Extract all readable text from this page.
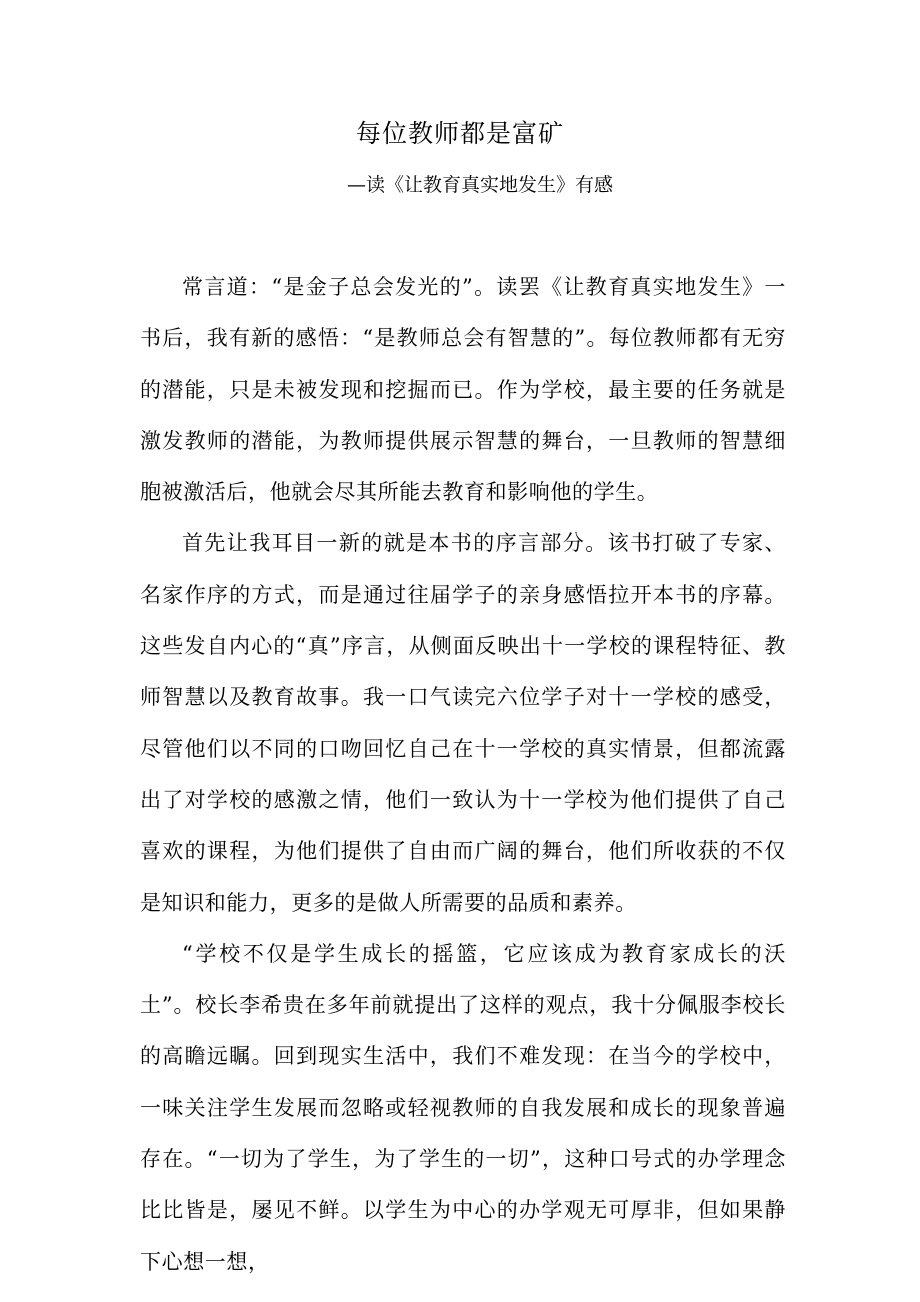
每位教师都是富矿
—读《让教育真实地发生》有感

常言道：“是金子总会发光的”。读罢《让教育真实地发生》一书后，我有新的感悟：“是教师总会有智慧的”。每位教师都有无穷的潜能，只是未被发现和挖掘而已。作为学校，最主要的任务就是激发教师的潜能，为教师提供展示智慧的舞台，一旦教师的智慧细胞被激活后，他就会尽其所能去教育和影响他的学生。

首先让我耳目一新的就是本书的序言部分。该书打破了专家、名家作序的方式，而是通过往届学子的亲身感悟拉开本书的序幕。这些发自内心的“真”序言，从侧面反映出十一学校的课程特征、教师智慧以及教育故事。我一口气读完六位学子对十一学校的感受，尽管他们以不同的口吻回忆自己在十一学校的真实情景，但都流露出了对学校的感激之情，他们一致认为十一学校为他们提供了自己喜欢的课程，为他们提供了自由而广阔的舞台，他们所收获的不仅是知识和能力，更多的是做人所需要的品质和素养。

“学校不仅是学生成长的摇篮，它应该成为教育家成长的沃土”。校长李希贵在多年前就提出了这样的观点，我十分佩服李校长的高瞻远瞩。回到现实生活中，我们不难发现：在当今的学校中，一味关注学生发展而忽略或轻视教师的自我发展和成长的现象普遍存在。“一切为了学生，为了学生的一切”，这种口号式的办学理念比比皆是，屡见不鲜。以学生为中心的办学观无可厚非，但如果静下心想一想，
